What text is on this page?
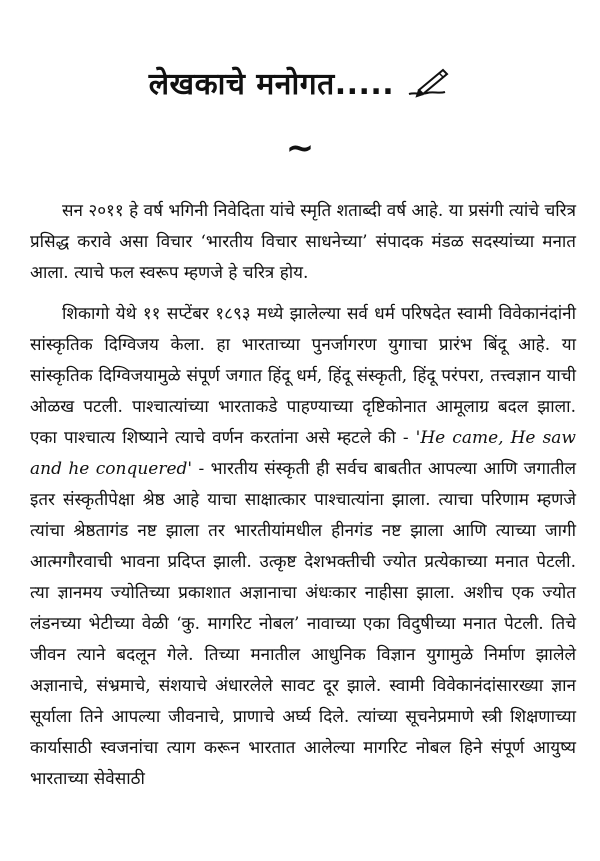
लेखकाचे मनोगत.....
~

सन २०११ हे वर्ष भगिनी निवेदिता यांचे स्मृति शताब्दी वर्ष आहे. या प्रसंगी त्यांचे चरित्र प्रसिद्ध करावे असा विचार ‘भारतीय विचार साधनेच्या’ संपादक मंडळ सदस्यांच्या मनात आला. त्याचे फल स्वरूप म्हणजे हे चरित्र होय.

शिकागो येथे ११ सप्टेंबर १८९३ मध्ये झालेल्या सर्व धर्म परिषदेत स्वामी विवेकानंदांनी सांस्कृतिक दिग्विजय केला. हा भारताच्या पुनर्जागरण युगाचा प्रारंभ बिंदू आहे. या सांस्कृतिक दिग्विजयामुळे संपूर्ण जगात हिंदू धर्म, हिंदू संस्कृती, हिंदू परंपरा, तत्त्वज्ञान याची ओळख पटली. पाश्चात्यांच्या भारताकडे पाहण्याच्या दृष्टिकोनात आमूलाग्र बदल झाला. एका पाश्चात्य शिष्याने त्याचे वर्णन करतांना असे म्हटले की - 'He came, He saw and he conquered' - भारतीय संस्कृती ही सर्वच बाबतीत आपल्या आणि जगातील इतर संस्कृतीपेक्षा श्रेष्ठ आहे याचा साक्षात्कार पाश्चात्यांना झाला. त्याचा परिणाम म्हणजे त्यांचा श्रेष्ठतागंड नष्ट झाला तर भारतीयांमधील हीनगंड नष्ट झाला आणि त्याच्या जागी आत्मगौरवाची भावना प्रदिप्त झाली. उत्कृष्ट देशभक्तीची ज्योत प्रत्येकाच्या मनात पेटली. त्या ज्ञानमय ज्योतिच्या प्रकाशात अज्ञानाचा अंधःकार नाहीसा झाला. अशीच एक ज्योत लंडनच्या भेटीच्या वेळी ‘कु. मागरिट नोबल’ नावाच्या एका विदुषीच्या मनात पेटली. तिचे जीवन त्याने बदलून गेले. तिच्या मनातील आधुनिक विज्ञान युगामुळे निर्माण झालेले अज्ञानाचे, संभ्रमाचे, संशयाचे अंधारलेले सावट दूर झाले. स्वामी विवेकानंदांसारख्या ज्ञान सूर्याला तिने आपल्या जीवनाचे, प्राणाचे अर्घ्य दिले. त्यांच्या सूचनेप्रमाणे स्त्री शिक्षणाच्या कार्यासाठी स्वजनांचा त्याग करून भारतात आलेल्या मागरिट नोबल हिने संपूर्ण आयुष्य भारताच्या सेवेसाठी
